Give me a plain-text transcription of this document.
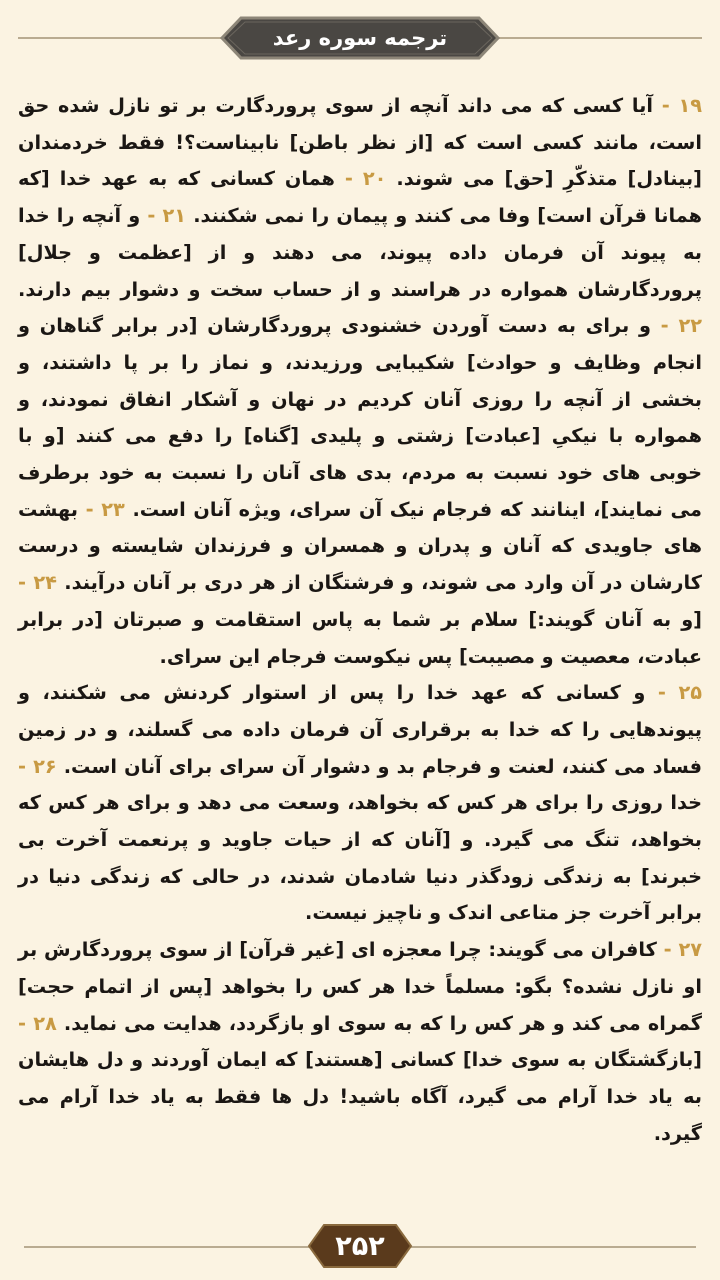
ترجمه سوره رعد

۱۹ - آیا کسی که می داند آنچه از سوی پروردگارت بر تو نازل شده حق است، مانند کسی است که [از نظر باطن] نابیناست؟! فقط خردمندان [بینادل] متذکّرِ [حق] می شوند. ۲۰ - همان کسانی که به عهد خدا [که همانا قرآن است] وفا می کنند و پیمان را نمی شکنند. ۲۱ - و آنچه را خدا به پیوند آن فرمان داده پیوند، می دهند و از [عظمت و جلال] پروردگارشان همواره در هراسند و از حساب سخت و دشوار بیم دارند. ۲۲ - و برای به دست آوردن خشنودی پروردگارشان [در برابر گناهان و انجام وظایف و حوادث] شکیبایی ورزیدند، و نماز را بر پا داشتند، و بخشی از آنچه را روزی آنان کردیم در نهان و آشکار انفاق نمودند، و همواره با نیکیِ [عبادت] زشتی و پلیدی [گناه] را دفع می کنند [و با خوبی های خود نسبت به مردم، بدی های آنان را نسبت به خود برطرف می نمایند]، اینانند که فرجام نیک آن سرای، ویژه آنان است. ۲۳ - بهشت های جاویدی که آنان و پدران و همسران و فرزندان شایسته و درست کارشان در آن وارد می شوند، و فرشتگان از هر دری بر آنان درآیند. ۲۴ - [و به آنان گویند:] سلام بر شما به پاس استقامت و صبرتان [در برابر عبادت، معصیت و مصیبت] پس نیکوست فرجام این سرای.

۲۵ - و کسانی که عهد خدا را پس از استوار کردنش می شکنند، و پیوندهایی را که خدا به برقراری آن فرمان داده می گسلند، و در زمین فساد می کنند، لعنت و فرجام بد و دشوار آن سرای برای آنان است. ۲۶ - خدا روزی را برای هر کس که بخواهد، وسعت می دهد و برای هر کس که بخواهد، تنگ می گیرد. و [آنان که از حیات جاوید و پرنعمت آخرت بی خبرند] به زندگی زودگذر دنیا شادمان شدند، در حالی که زندگی دنیا در برابر آخرت جز متاعی اندک و ناچیز نیست.

۲۷ - کافران می گویند: چرا معجزه ای [غیر قرآن] از سوی پروردگارش بر او نازل نشده؟ بگو: مسلماً خدا هر کس را بخواهد [پس از اتمام حجت] گمراه می کند و هر کس را که به سوی او بازگردد، هدایت می نماید. ۲۸ - [بازگشتگان به سوی خدا] کسانی [هستند] که ایمان آوردند و دل هایشان به یاد خدا آرام می گیرد، آگاه باشید! دل ها فقط به یاد خدا آرام می گیرد.

۲۵۲
